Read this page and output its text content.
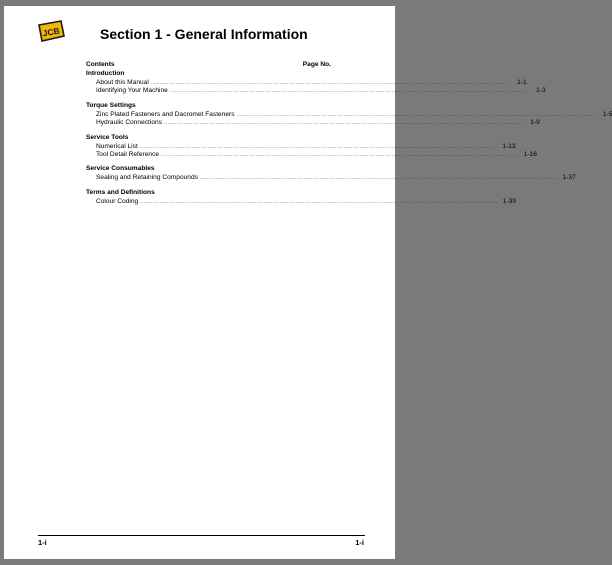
JCB	Section 1 - General Information
Contents	Page No.
Introduction
About this Manual ........................................................................................................................................................................................................	1-1
Identifying Your Machine ........................................................................................................................................................................................................	1-3
Torque Settings
Zinc Plated Fasteners and Dacromet Fasteners ........................................................................................................................................................................................................	1-5
Hydraulic Connections ........................................................................................................................................................................................................	1-9
Service Tools
Numerical List ........................................................................................................................................................................................................ 1-13
Tool Detail Reference ........................................................................................................................................................................................................ 1-16
Service Consumables
Sealing and Retaining Compounds ........................................................................................................................................................................................................ 1-37
Terms and Definitions
Colour Coding ........................................................................................................................................................................................................ 1-39
1-i	1-i
